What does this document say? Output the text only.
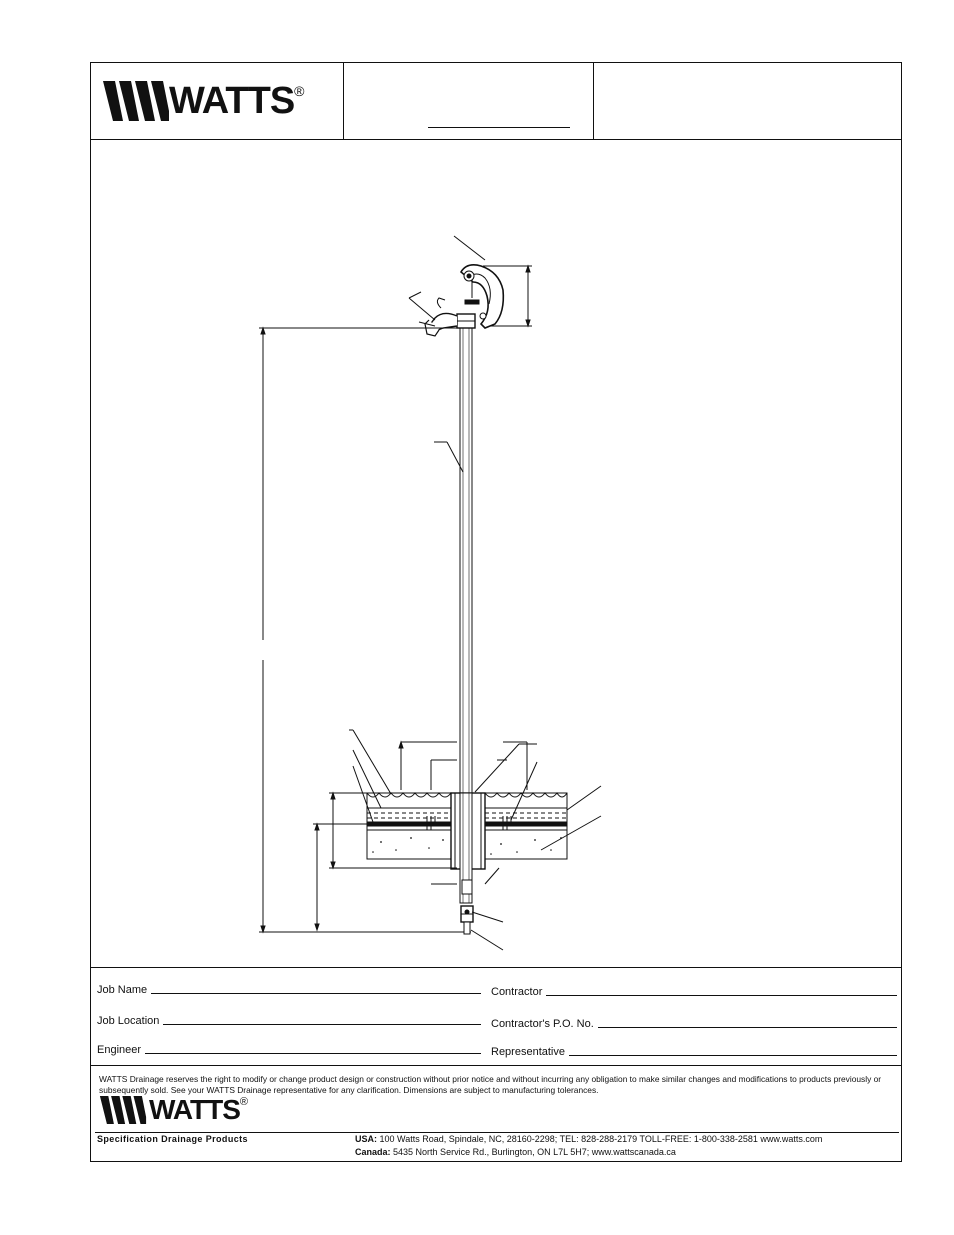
WATTS ®
Job Name
Job Location
Engineer
Contractor
Contractor's P.O. No.
Representative
WATTS Drainage reserves the right to modify or change product design or construction without prior notice and without incurring any obligation to make similar changes and modifications to products previously or subsequently sold. See your WATTS Drainage representative for any clarification. Dimensions are subject to manufacturing tolerances.
WATTS ®
Specification Drainage Products	USA: 100 Watts Road, Spindale, NC, 28160-2298; TEL: 828-288-2179 TOLL-FREE: 1-800-338-2581 www.watts.com
Canada: 5435 North Service Rd., Burlington, ON L7L 5H7; www.wattscanada.ca
